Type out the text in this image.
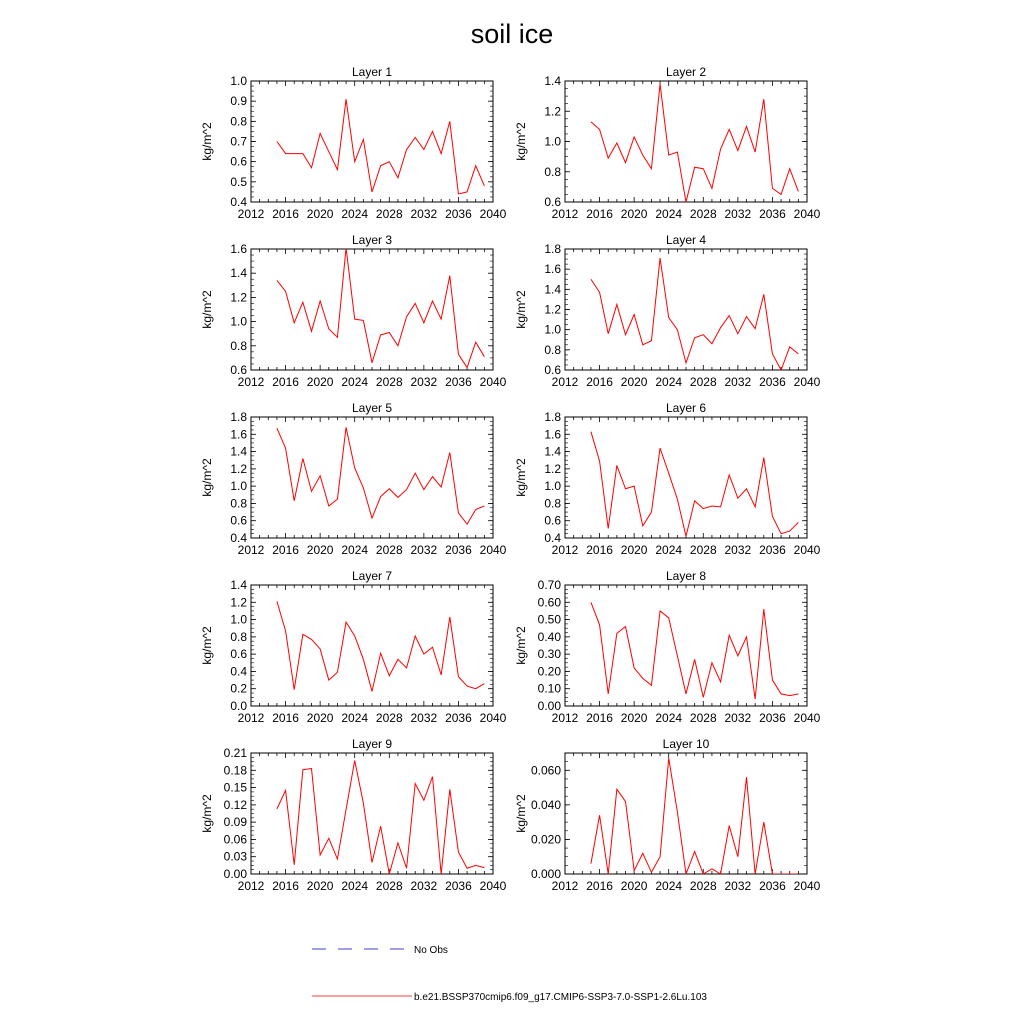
soil ice
Layer 1
2012 2016 2020 2024 2028 2032 2036 2040
0.4
0.5
0.6
0.7
0.8
0.9
1.0
kg/m^2
Layer 2
2012 2016 2020 2024 2028 2032 2036 2040
0.6
0.8
1.0
1.2
1.4
kg/m^2
Layer 3
2012 2016 2020 2024 2028 2032 2036 2040
0.6
0.8
1.0
1.2
1.4
1.6
kg/m^2
Layer 4
2012 2016 2020 2024 2028 2032 2036 2040
0.6
0.8
1.0
1.2
1.4
1.6
1.8
kg/m^2
Layer 5
2012 2016 2020 2024 2028 2032 2036 2040
0.4
0.6
0.8
1.0
1.2
1.4
1.6
1.8
kg/m^2
Layer 6
2012 2016 2020 2024 2028 2032 2036 2040
0.4
0.6
0.8
1.0
1.2
1.4
1.6
1.8
kg/m^2
Layer 7
2012 2016 2020 2024 2028 2032 2036 2040
0.0
0.2
0.4
0.6
0.8
1.0
1.2
1.4
kg/m^2
Layer 8
2012 2016 2020 2024 2028 2032 2036 2040
0.00
0.10
0.20
0.30
0.40
0.50
0.60
0.70
kg/m^2
Layer 9
2012 2016 2020 2024 2028 2032 2036 2040
0.00
0.03
0.06
0.09
0.12
0.15
0.18
0.21
kg/m^2
Layer 10
2012 2016 2020 2024 2028 2032 2036 2040
0.000
0.020
0.040
0.060
kg/m^2
No Obs
b.e21.BSSP370cmip6.f09_g17.CMIP6-SSP3-7.0-SSP1-2.6Lu.103
